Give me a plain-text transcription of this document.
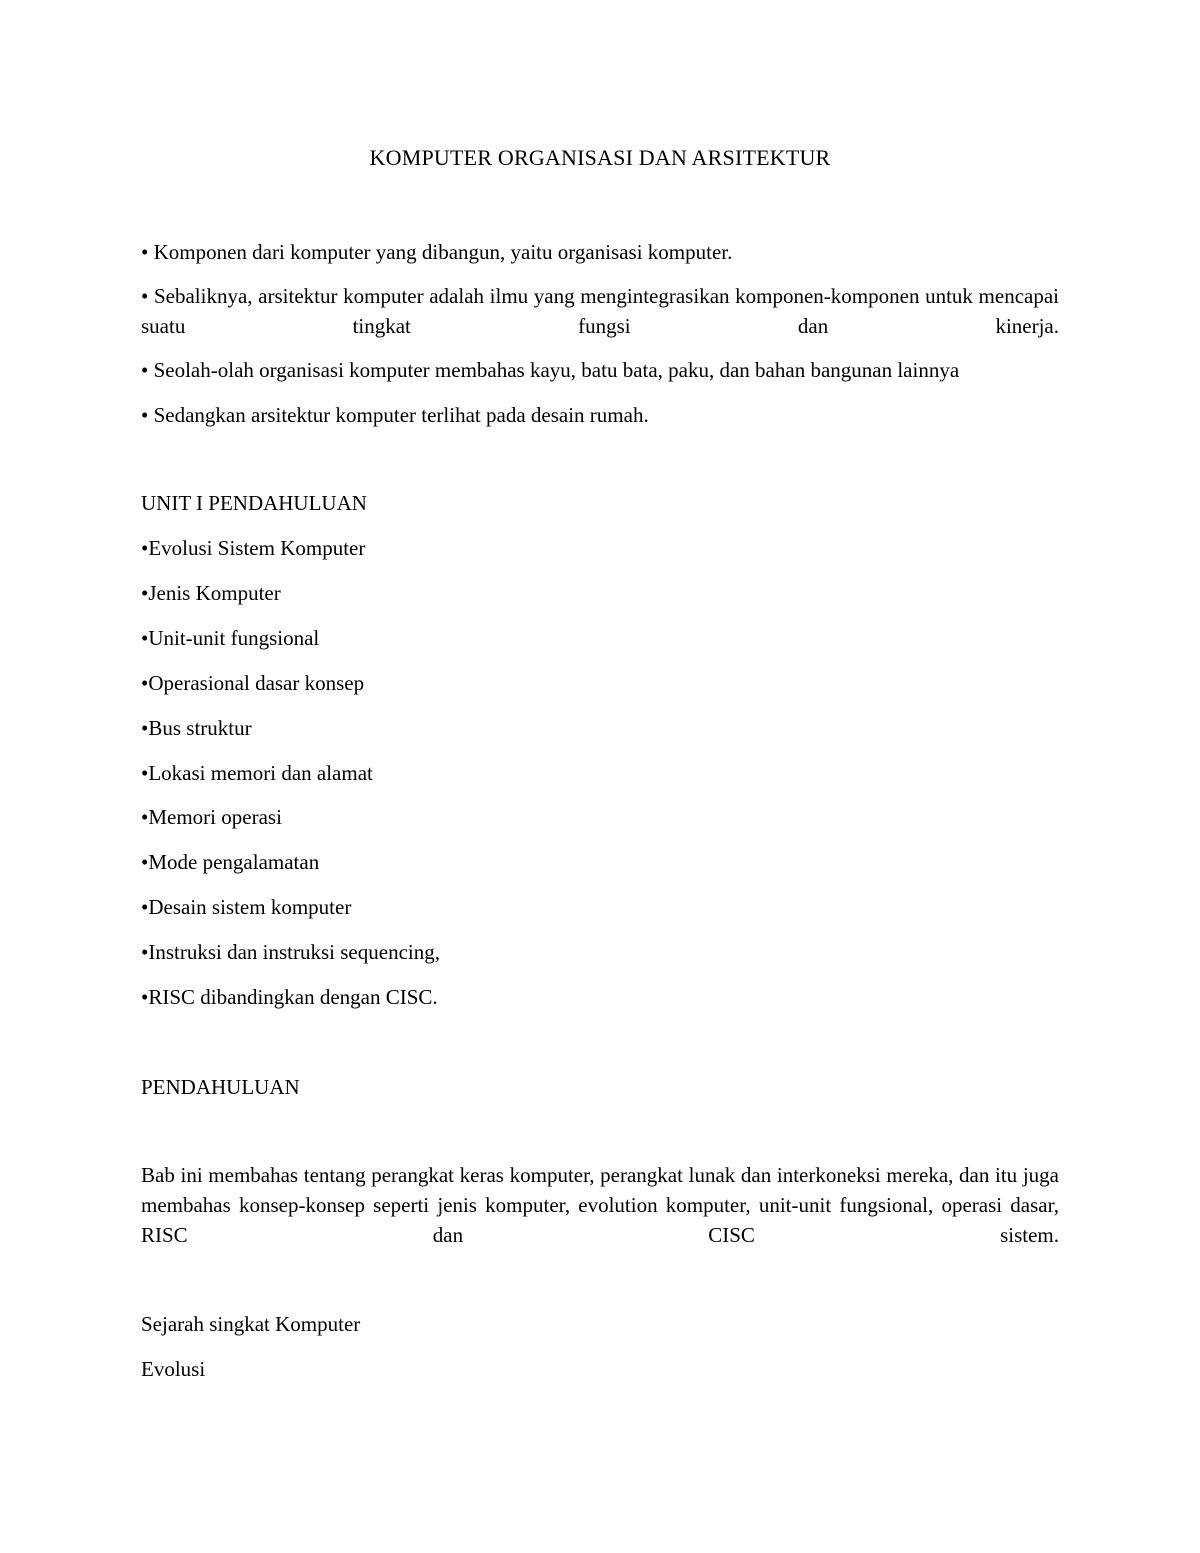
KOMPUTER ORGANISASI DAN ARSITEKTUR

• Komponen dari komputer yang dibangun, yaitu organisasi komputer.

• Sebaliknya, arsitektur komputer adalah ilmu yang mengintegrasikan komponen-komponen untuk mencapai suatu tingkat fungsi dan kinerja.

• Seolah-olah organisasi komputer membahas kayu, batu bata, paku, dan bahan bangunan lainnya

• Sedangkan arsitektur komputer terlihat pada desain rumah.

UNIT I PENDAHULUAN

•Evolusi Sistem Komputer

•Jenis Komputer

•Unit-unit fungsional

•Operasional dasar konsep

•Bus struktur

•Lokasi memori dan alamat

•Memori operasi

•Mode pengalamatan

•Desain sistem komputer

•Instruksi dan instruksi sequencing,

•RISC dibandingkan dengan CISC.

PENDAHULUAN

Bab ini membahas tentang perangkat keras komputer, perangkat lunak dan interkoneksi mereka, dan itu juga membahas konsep-konsep seperti jenis komputer, evolution komputer, unit-unit fungsional, operasi dasar, RISC dan CISC sistem.

Sejarah singkat Komputer

Evolusi
